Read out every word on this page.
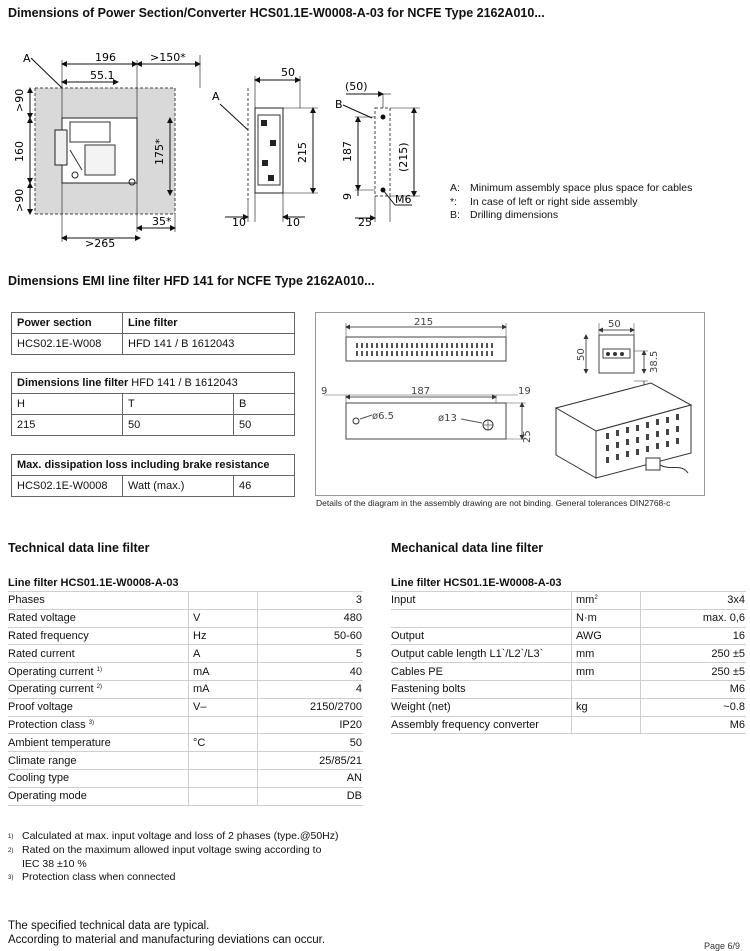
Dimensions of Power Section/Converter HCS01.1E-W0008-A-03 for NCFE Type 2162A010...
A	196	>150*
55.1
>90
160
>90
175*
35*
>265
A
50
215
10	10
B
(50)
187
9
(215)
25
M6
A: Minimum assembly space plus space for cables
*:	In case of left or right side assembly
B: Drilling dimensions
Dimensions EMI line filter HFD 141 for NCFE Type 2162A010...
Power section	Line filter
HCS02.1E-W008	HFD 141 / B 1612043
Dimensions line filter HFD 141 / B 1612043		
H	T	B
215	50	50
Max. dissipation loss including brake resistance
HCS02.1E-W0008	Watt (max.)	46
215
9	187	19
ø6.5	ø13
25
50
50	38.5
Details of the diagram in the assembly drawing are not binding. General tolerances DIN2768-c
Technical data line filter
Line filter HCS01.1E-W0008-A-03
Phases		3
Rated voltage	V	480
Rated frequency	Hz	50-60
Rated current	A	5
Operating current $^{1)}$	mA	40
Operating current $^{2)}$	mA	4
Proof voltage	V–	2150/2700
Protection class $^{3)}$		IP20
Ambient temperature	°C	50
Climate range		25/85/21
Cooling type		AN
Operating mode		DB
Mechanical data line filter
Line filter HCS01.1E-W0008-A-03
Input	$mm^2$	3x4
	N·m	max. 0,6
Output	AWG	16
Output cable length L1`/L2`/L3`	mm	250 ±5
Cables PE	mm	250 ±5
Fastening bolts		M6
Weight (net)	kg	~0.8
Assembly frequency converter		M6
1) Calculated at max. input voltage and loss of 2 phases (type.@50Hz)
2) Rated on the maximum allowed input voltage swing according to
IEC 38 ±10 %
3) Protection class when connected
The specified technical data are typical.
According to material and manufacturing deviations can occur.	Page 6/9
